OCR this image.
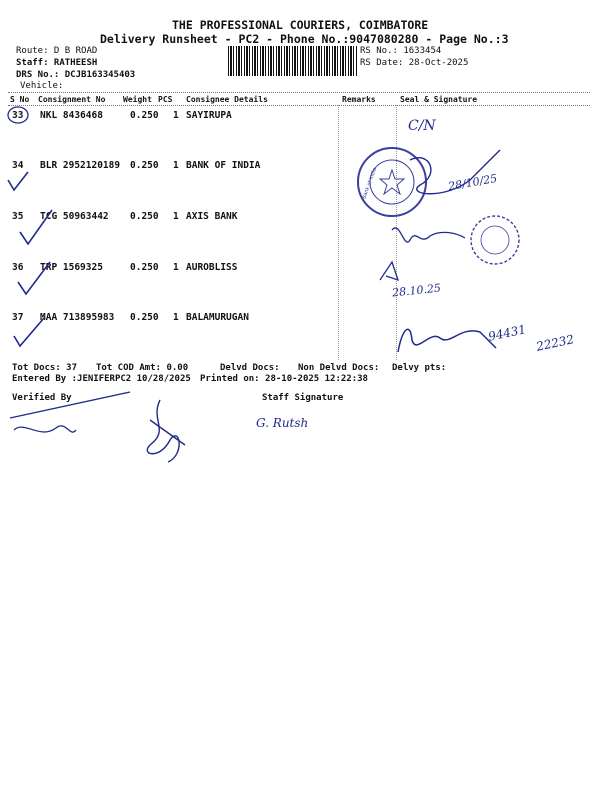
THE PROFESSIONAL COURIERS, COIMBATORE
Delivery Runsheet - PC2 - Phone No.:9047080280 - Page No.:3
Route: D B ROAD
Staff: RATHEESH
DRS No.: DCJB163345403
Vehicle:
RS No.: 1633454
RS Date: 28-Oct-2025
S No Consignment No Weight PCS Consignee Details	Remarks	Seal & Signature
33 NKL 8436468	0.250 1 SAYIRUPA
34 BLR 2952120189 0.250 1 BANK OF INDIA
35 TCG 50963442 0.250 1 AXIS BANK
36 TRP 1569325	0.250 1 AUROBLISS
37 MAA 713895983 0.250 1 BALAMURUGAN
Tot Docs: 37 Tot COD Amt: 0.00	Delvd Docs: Non Delvd Docs: Delvy pts:
Entered By :JENIFERPC2 10/28/2025 Printed on: 28-10-2025 12:22:38
Verified By	Staff Signature
Bank of India
C/N
28/10/25
28.10.25
94431 22232
G. Rutsh
